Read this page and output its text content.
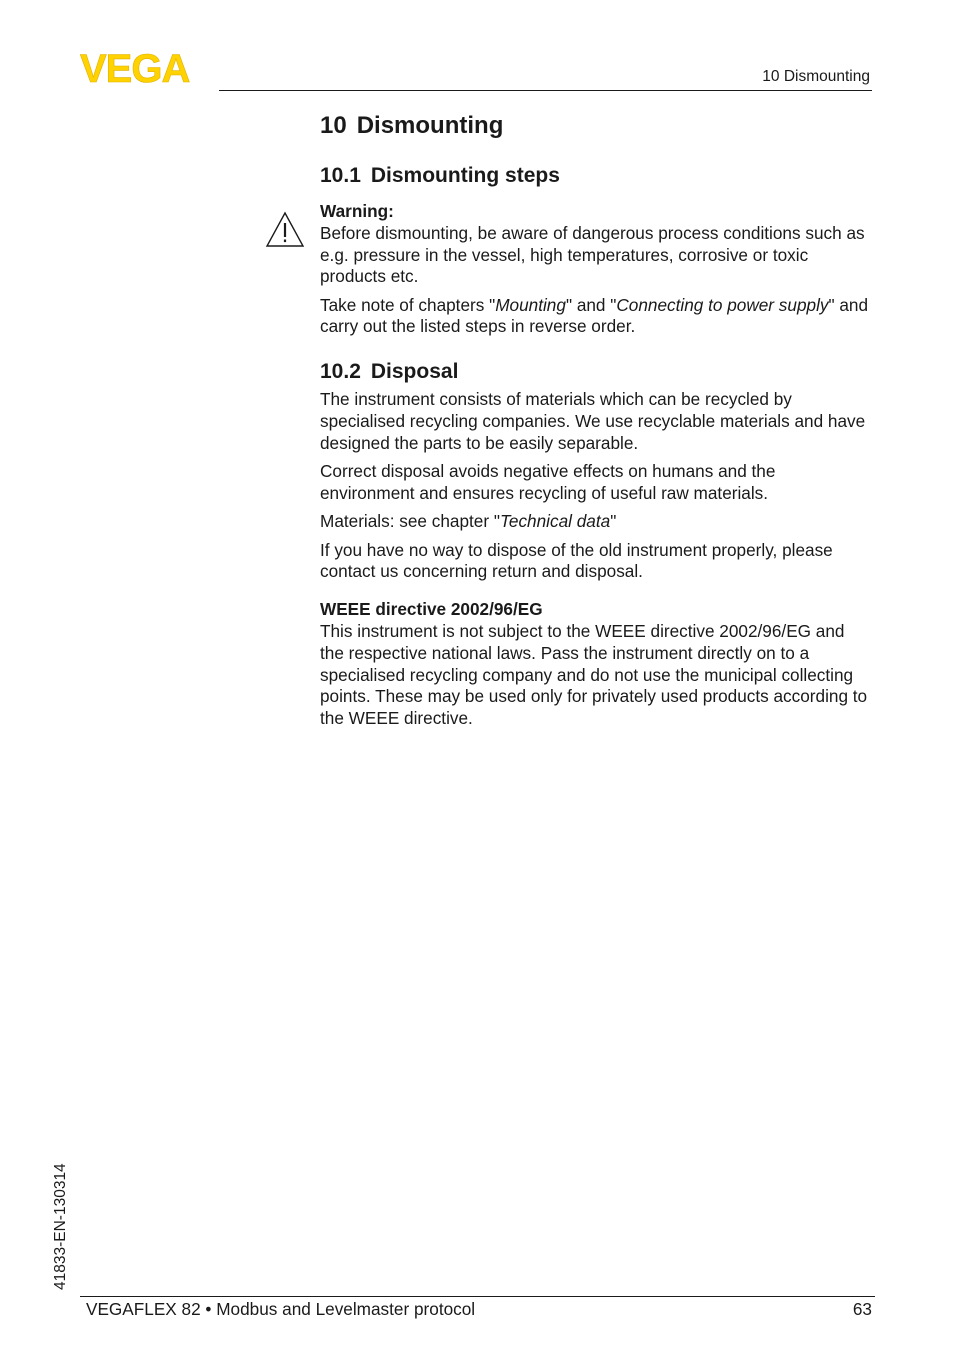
VEGA	10 Dismounting
10 Dismounting
10.1 Dismounting steps
Warning:

Before dismounting, be aware of dangerous process conditions such as e.g. pressure in the vessel, high temperatures, corrosive or toxic products etc.

Take note of chapters "Mounting" and "Connecting to power supply" and carry out the listed steps in reverse order.

10.2 Disposal

The instrument consists of materials which can be recycled by specialised recycling companies. We use recyclable materials and have designed the parts to be easily separable.

Correct disposal avoids negative effects on humans and the environment and ensures recycling of useful raw materials.

Materials: see chapter "Technical data"

If you have no way to dispose of the old instrument properly, please contact us concerning return and disposal.

WEEE directive 2002/96/EG

This instrument is not subject to the WEEE directive 2002/96/EG and the respective national laws. Pass the instrument directly on to a specialised recycling company and do not use the municipal collecting points. These may be used only for privately used products according to the WEEE directive.

41833-EN-130314
VEGAFLEX 82 • Modbus and Levelmaster protocol	63
